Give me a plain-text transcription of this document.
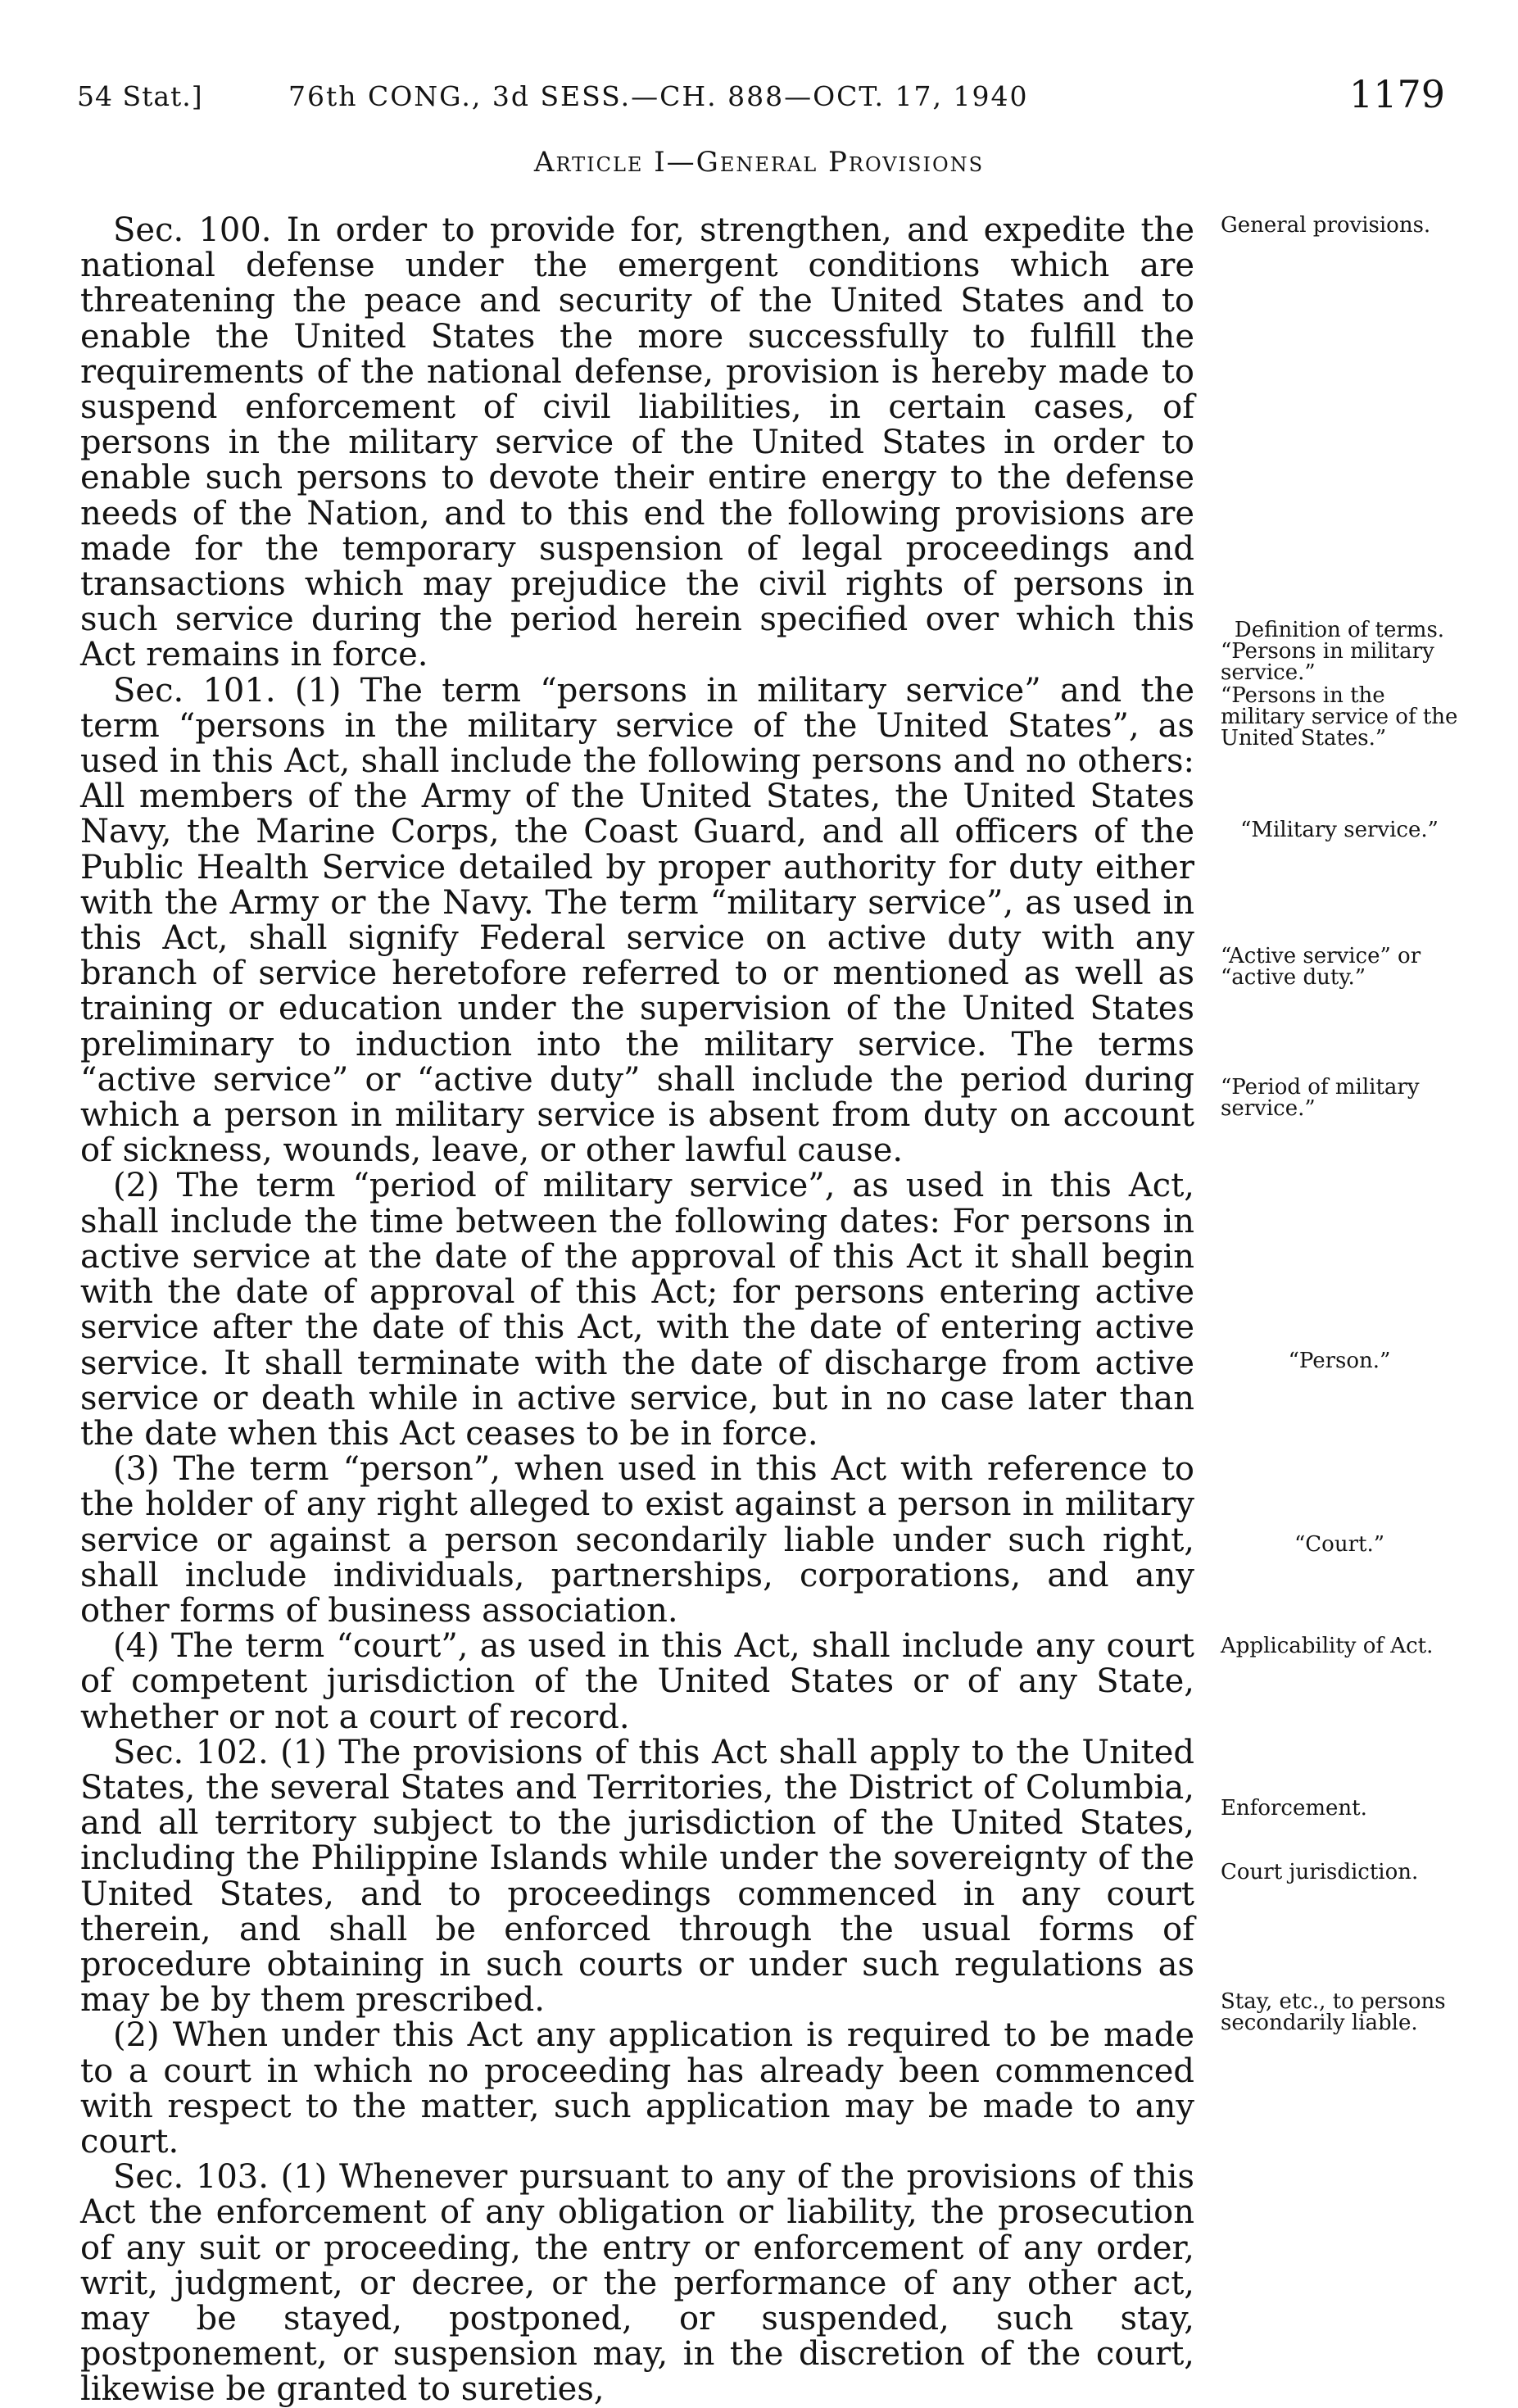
54 Stat.]	76th CONG., 3d SESS.—CH. 888—OCT. 17, 1940	1179
Article I—General Provisions

Sec. 100. In order to provide for, strengthen, and expedite the national defense under the emergent conditions which are threatening the peace and security of the United States and to enable the United States the more successfully to fulfill the requirements of the national defense, provision is hereby made to suspend enforcement of civil liabilities, in certain cases, of persons in the military service of the United States in order to enable such persons to devote their entire energy to the defense needs of the Nation, and to this end the following provisions are made for the temporary suspension of legal proceedings and transactions which may prejudice the civil rights of persons in such service during the period herein specified over which this Act remains in force.

Sec. 101. (1) The term “persons in military service” and the term “persons in the military service of the United States”, as used in this Act, shall include the following persons and no others: All members of the Army of the United States, the United States Navy, the Marine Corps, the Coast Guard, and all officers of the Public Health Service detailed by proper authority for duty either with the Army or the Navy. The term “military service”, as used in this Act, shall signify Federal service on active duty with any branch of service heretofore referred to or mentioned as well as training or education under the supervision of the United States preliminary to induction into the military service. The terms “active service” or “active duty” shall include the period during which a person in military service is absent from duty on account of sickness, wounds, leave, or other lawful cause.

(2) The term “period of military service”, as used in this Act, shall include the time between the following dates: For persons in active service at the date of the approval of this Act it shall begin with the date of approval of this Act; for persons entering active service after the date of this Act, with the date of entering active service. It shall terminate with the date of discharge from active service or death while in active service, but in no case later than the date when this Act ceases to be in force.

(3) The term “person”, when used in this Act with reference to the holder of any right alleged to exist against a person in military service or against a person secondarily liable under such right, shall include individuals, partnerships, corporations, and any other forms of business association.

(4) The term “court”, as used in this Act, shall include any court of competent jurisdiction of the United States or of any State, whether or not a court of record.

Sec. 102. (1) The provisions of this Act shall apply to the United States, the several States and Territories, the District of Columbia, and all territory subject to the jurisdiction of the United States, including the Philippine Islands while under the sovereignty of the United States, and to proceedings commenced in any court therein, and shall be enforced through the usual forms of procedure obtaining in such courts or under such regulations as may be by them prescribed.

(2) When under this Act any application is required to be made to a court in which no proceeding has already been commenced with respect to the matter, such application may be made to any court.

Sec. 103. (1) Whenever pursuant to any of the provisions of this Act the enforcement of any obligation or liability, the prosecution of any suit or proceeding, the entry or enforcement of any order, writ, judgment, or decree, or the performance of any other act, may be stayed, postponed, or suspended, such stay, postponement, or suspension may, in the discretion of the court, likewise be granted to sureties,

General provisions.
Definition of terms.
“Persons in military service.”
“Persons in the military service of the United States.”
“Military service.”
“Active service” or “active duty.”
“Period of military service.”
“Person.”
“Court.”
Applicability of Act.
Enforcement.
Court jurisdiction.
Stay, etc., to persons secondarily liable.
